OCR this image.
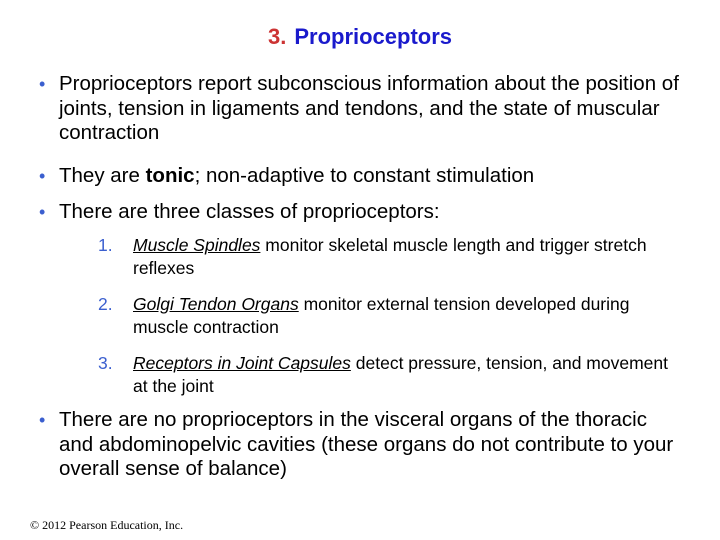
3. Proprioceptors
• Proprioceptors report subconscious information about the position of joints, tension in ligaments and tendons, and the state of muscular contraction
• They are tonic; non-adaptive to constant stimulation
• There are three classes of proprioceptors:
1. Muscle Spindles monitor skeletal muscle length and trigger stretch reflexes
2. Golgi Tendon Organs monitor external tension developed during muscle contraction
3. Receptors in Joint Capsules detect pressure, tension, and movement at the joint
• There are no proprioceptors in the visceral organs of the thoracic and abdominopelvic cavities (these organs do not contribute to your overall sense of balance)
© 2012 Pearson Education, Inc.
